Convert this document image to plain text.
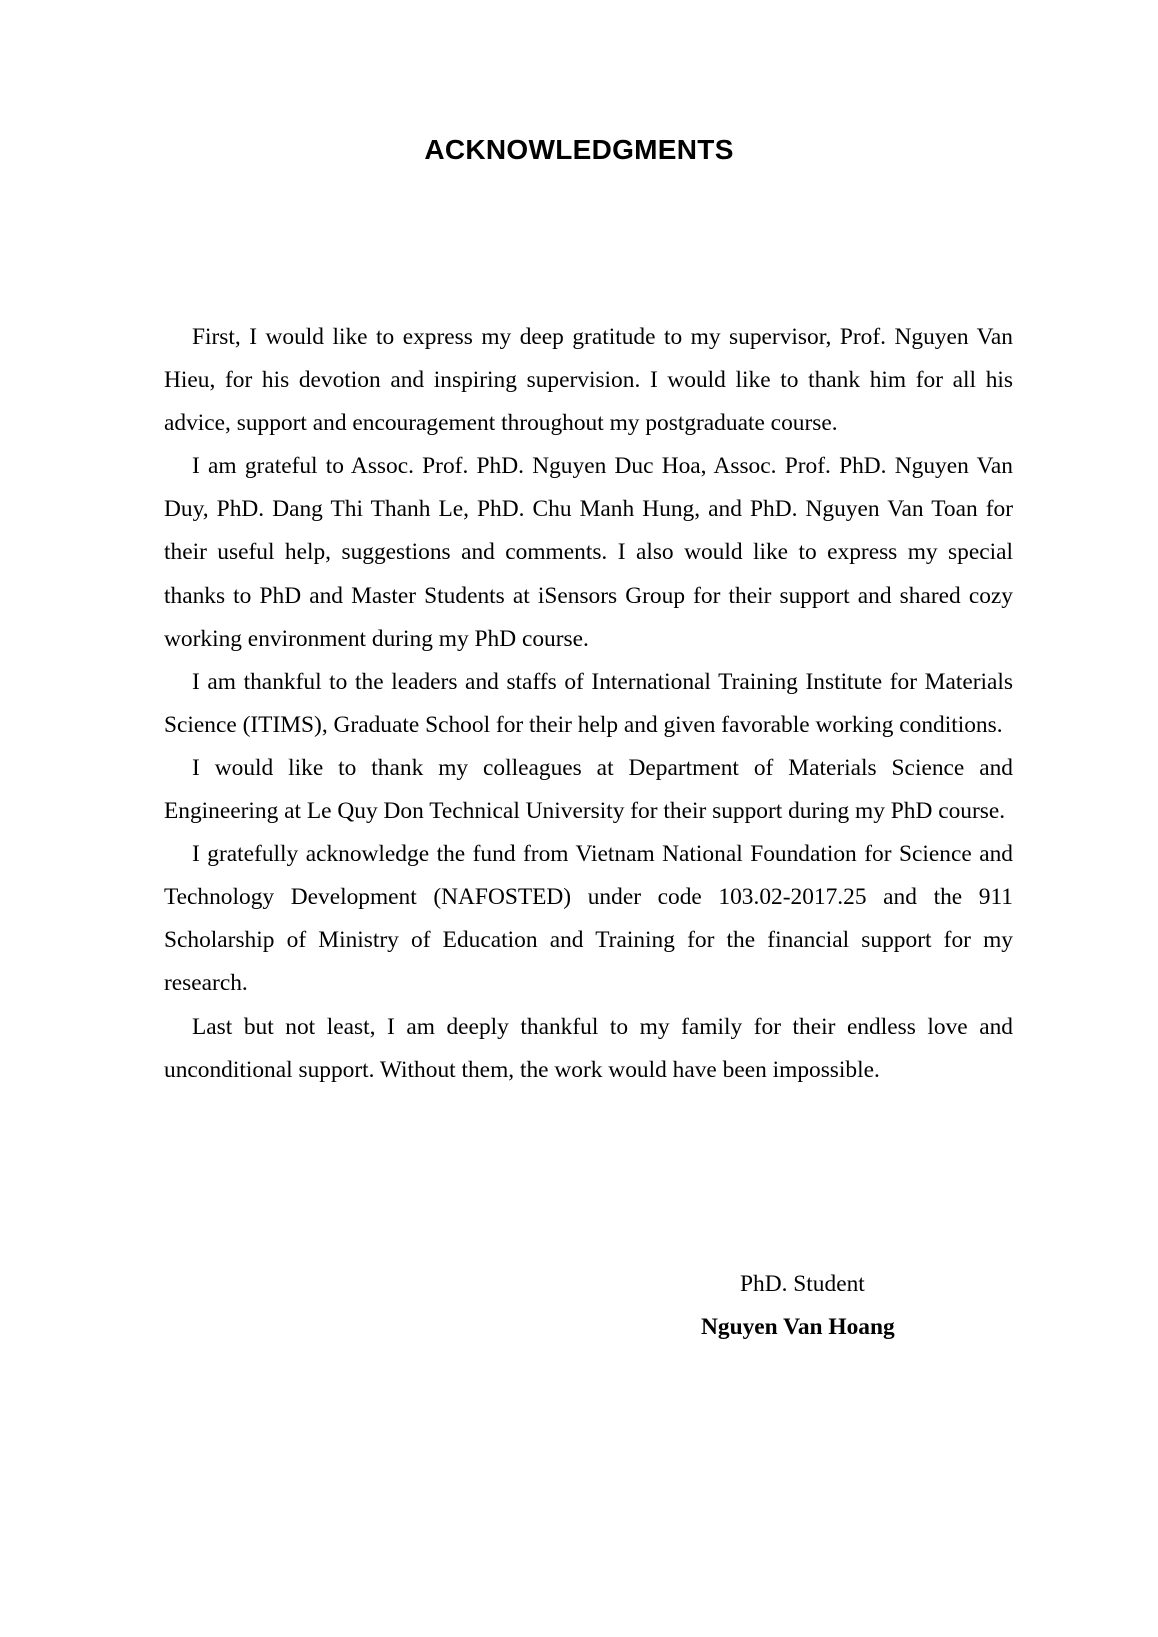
ACKNOWLEDGMENTS

First, I would like to express my deep gratitude to my supervisor, Prof. Nguyen Van Hieu, for his devotion and inspiring supervision. I would like to thank him for all his advice, support and encouragement throughout my postgraduate course.

I am grateful to Assoc. Prof. PhD. Nguyen Duc Hoa, Assoc. Prof. PhD. Nguyen Van Duy, PhD. Dang Thi Thanh Le, PhD. Chu Manh Hung, and PhD. Nguyen Van Toan for their useful help, suggestions and comments. I also would like to express my special thanks to PhD and Master Students at iSensors Group for their support and shared cozy working environment during my PhD course.

I am thankful to the leaders and staffs of International Training Institute for Materials Science (ITIMS), Graduate School for their help and given favorable working conditions.

I would like to thank my colleagues at Department of Materials Science and Engineering at Le Quy Don Technical University for their support during my PhD course.

I gratefully acknowledge the fund from Vietnam National Foundation for Science and Technology Development (NAFOSTED) under code 103.02-2017.25 and the 911 Scholarship of Ministry of Education and Training for the financial support for my research.

Last but not least, I am deeply thankful to my family for their endless love and unconditional support. Without them, the work would have been impossible.

PhD. Student

Nguyen Van Hoang
